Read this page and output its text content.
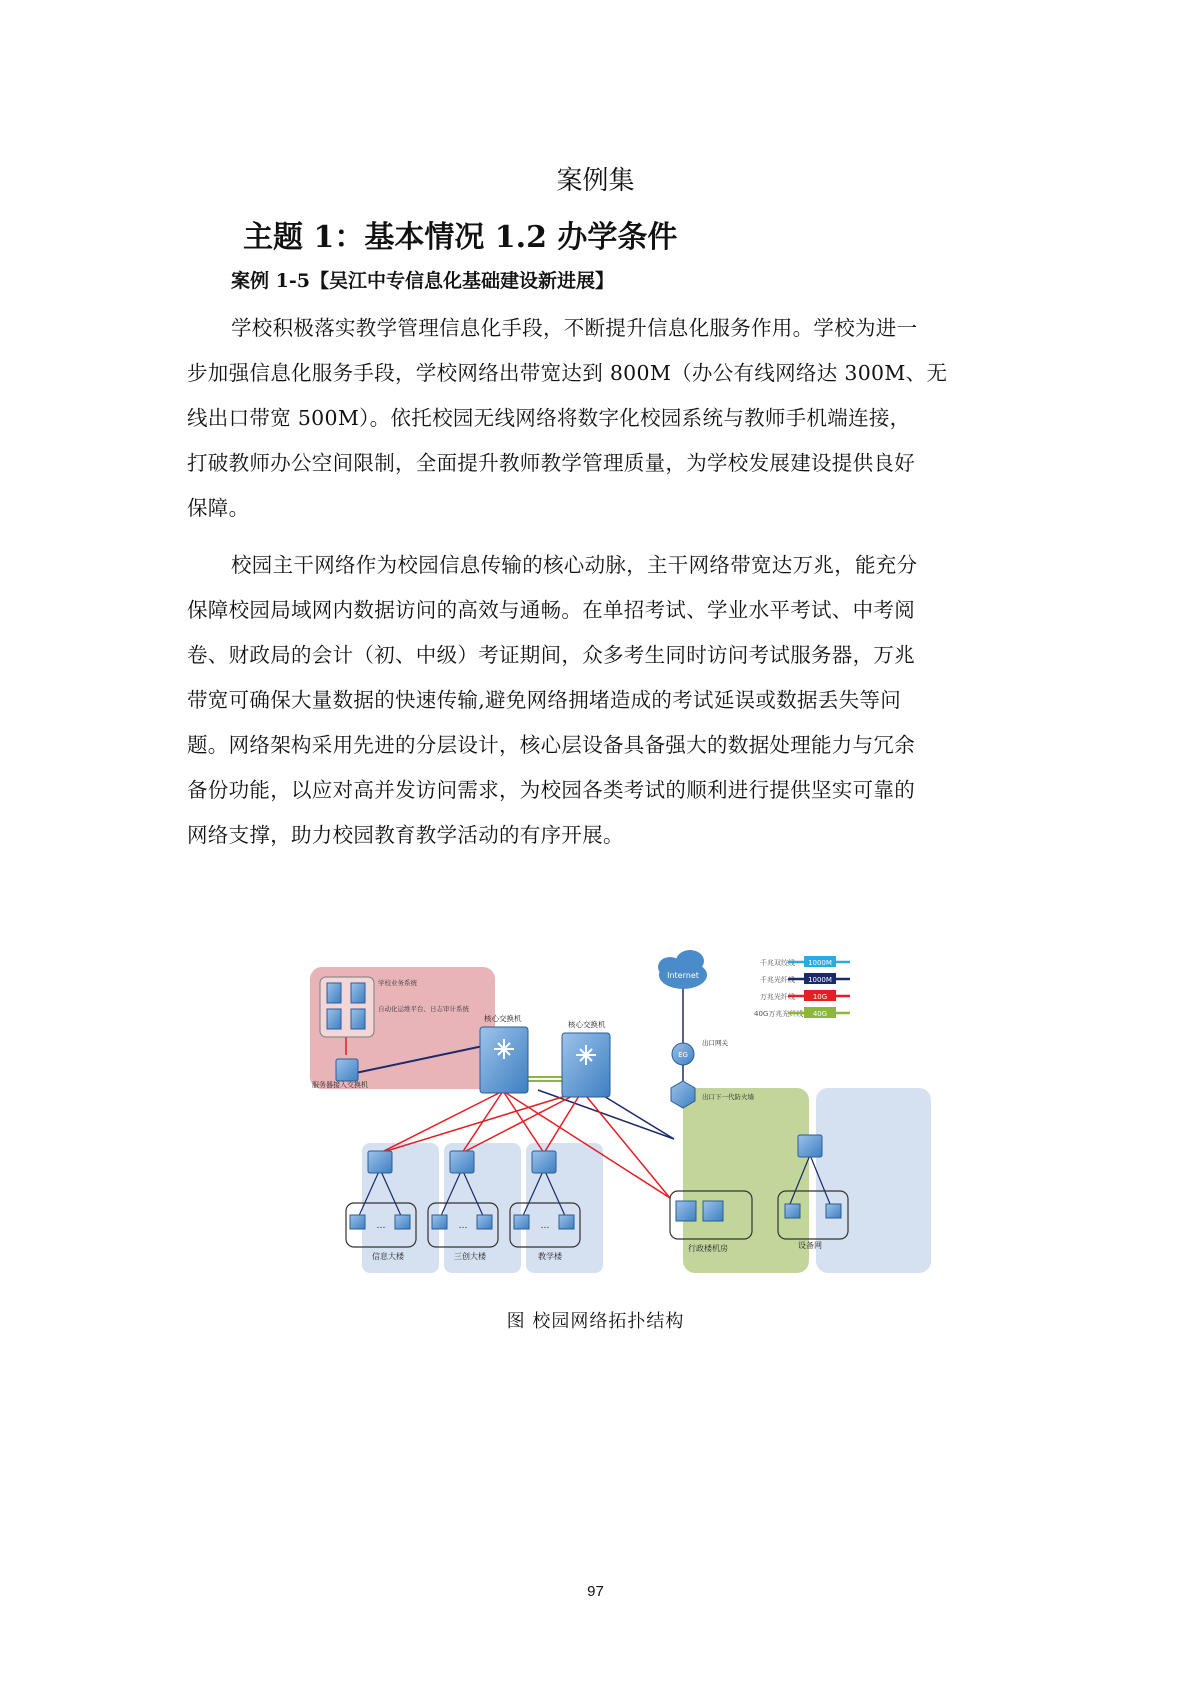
案例集
主题 1：基本情况 1.2 办学条件
案例 1-5【吴江中专信息化基础建设新进展】
学校积极落实教学管理信息化手段，不断提升信息化服务作用。学校为进一
步加强信息化服务手段，学校网络出带宽达到 800M（办公有线网络达 300M、无
线出口带宽 500M）。依托校园无线网络将数字化校园系统与教师手机端连接，
打破教师办公空间限制，全面提升教师教学管理质量，为学校发展建设提供良好
保障。
校园主干网络作为校园信息传输的核心动脉，主干网络带宽达万兆，能充分
保障校园局域网内数据访问的高效与通畅。在单招考试、学业水平考试、中考阅
卷、财政局的会计（初、中级）考证期间，众多考生同时访问考试服务器，万兆
带宽可确保大量数据的快速传输,避免网络拥堵造成的考试延误或数据丢失等问
题。网络架构采用先进的分层设计，核心层设备具备强大的数据处理能力与冗余
备份功能，以应对高并发访问需求，为校园各类考试的顺利进行提供坚实可靠的
网络支撑，助力校园教育教学活动的有序开展。
千兆双绞线 1000M
千兆光纤线 1000M
万兆光纤线	10G
40G万兆光纤线 40G
学校业务系统
自动化运维平台、日志审计系统
服务器接入交换机
核心交换机
核心交换机
Internet
EG
出口网关
出口下一代防火墙
…	…	…
信息大楼	三创大楼	教学楼
行政楼机房	设备网
图 校园网络拓扑结构
97
